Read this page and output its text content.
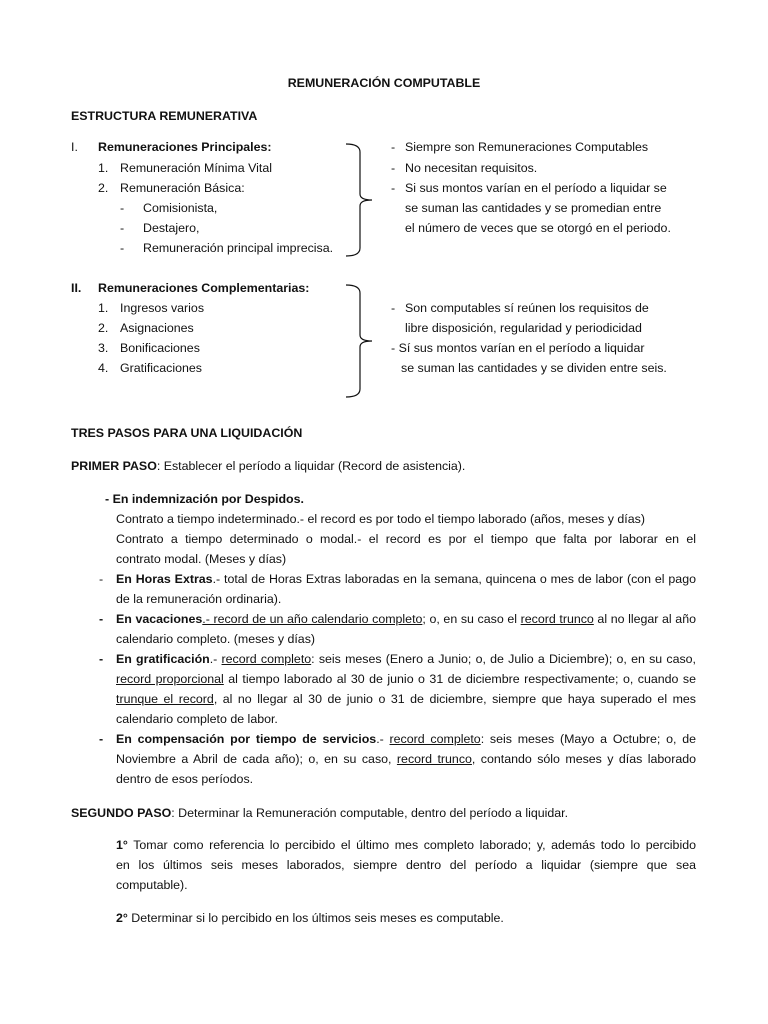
REMUNERACIÓN COMPUTABLE
ESTRUCTURA REMUNERATIVA
I. Remuneraciones Principales:
1. Remuneración Mínima Vital
2. Remuneración Básica:
- Comisionista,
- Destajero,
- Remuneración principal imprecisa.
- Siempre son Remuneraciones Computables
- No necesitan requisitos.
- Si sus montos varían en el período a liquidar se
se suman las cantidades y se promedian entre
el número de veces que se otorgó en el periodo.
II. Remuneraciones Complementarias:
1. Ingresos varios
2. Asignaciones
3. Bonificaciones
4. Gratificaciones
- Son computables sí reúnen los requisitos de
libre disposición, regularidad y periodicidad
- Sí sus montos varían en el período a liquidar
se suman las cantidades y se dividen entre seis.
TRES PASOS PARA UNA LIQUIDACIÓN
PRIMER PASO: Establecer el período a liquidar (Record de asistencia).
- En indemnización por Despidos.
Contrato a tiempo indeterminado.- el record es por todo el tiempo laborado (años, meses y días)
Contrato a tiempo determinado o modal.- el record es por el tiempo que falta por laborar en el
contrato modal. (Meses y días)
- En Horas Extras.- total de Horas Extras laboradas en la semana, quincena o mes de labor (con el pago
de la remuneración ordinaria).
- En vacaciones.- record de un año calendario completo; o, en su caso el record trunco al no llegar al año
calendario completo. (meses y días)
- En gratificación.- record completo: seis meses (Enero a Junio; o, de Julio a Diciembre); o, en su caso,
record proporcional al tiempo laborado al 30 de junio o 31 de diciembre respectivamente; o, cuando se
trunque el record, al no llegar al 30 de junio o 31 de diciembre, siempre que haya superado el mes
calendario completo de labor.
- En compensación por tiempo de servicios.- record completo: seis meses (Mayo a Octubre; o, de
Noviembre a Abril de cada año); o, en su caso, record trunco, contando sólo meses y días laborado
dentro de esos períodos.
SEGUNDO PASO: Determinar la Remuneración computable, dentro del período a liquidar.
1° Tomar como referencia lo percibido el último mes completo laborado; y, además todo lo percibido
en los últimos seis meses laborados, siempre dentro del período a liquidar (siempre que sea
computable).
2° Determinar si lo percibido en los últimos seis meses es computable.
